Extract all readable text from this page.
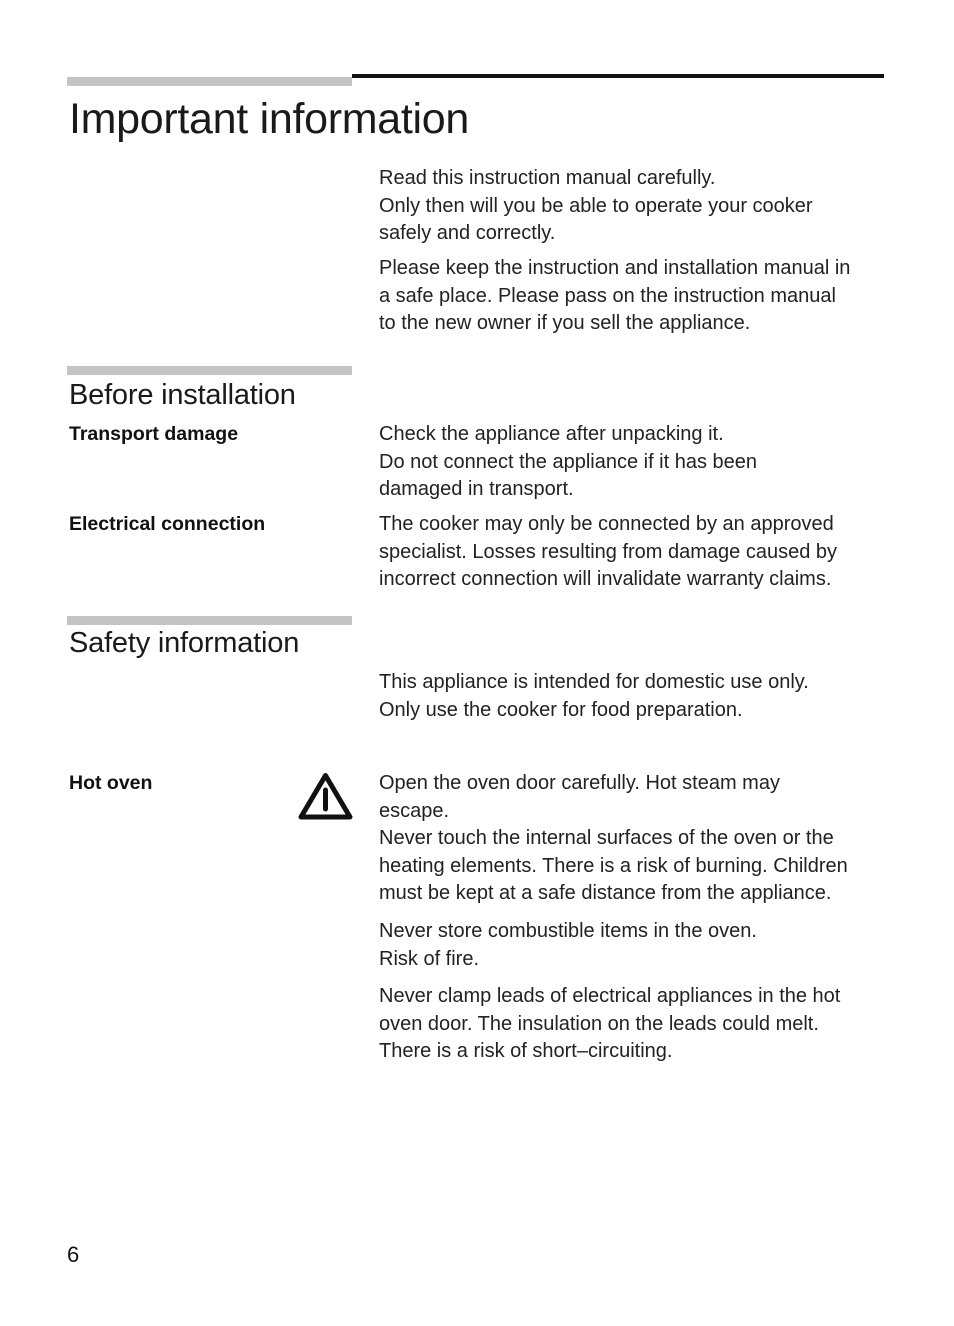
Important information

Read this instruction manual carefully.
Only then will you be able to operate your cooker
safely and correctly.

Please keep the instruction and installation manual in
a safe place. Please pass on the instruction manual
to the new owner if you sell the appliance.

Before installation
Transport damage	Check the appliance after unpacking it.
Do not connect the appliance if it has been
damaged in transport.

Electrical connection	The cooker may only be connected by an approved
specialist. Losses resulting from damage caused by
incorrect connection will invalidate warranty claims.

Safety information

This appliance is intended for domestic use only.
Only use the cooker for food preparation.

Hot oven	Open the oven door carefully. Hot steam may
escape.
Never touch the internal surfaces of the oven or the
heating elements. There is a risk of burning. Children
must be kept at a safe distance from the appliance.

Never store combustible items in the oven.
Risk of fire.

Never clamp leads of electrical appliances in the hot
oven door. The insulation on the leads could melt.
There is a risk of short–circuiting.

6
